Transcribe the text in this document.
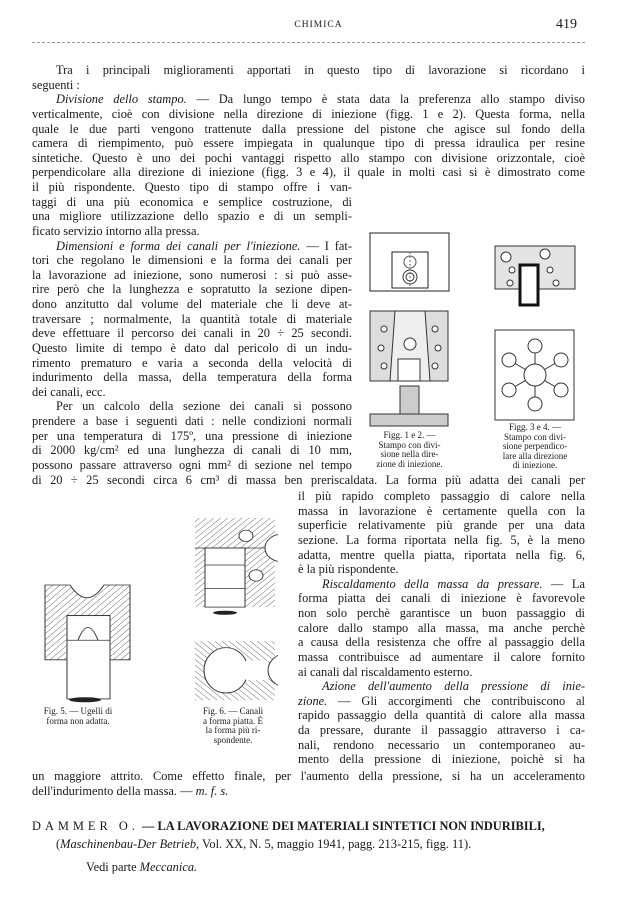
CHIMICA	419
Tra i principali miglioramenti apportati in questo tipo di lavorazione si ricordano i
seguenti :
Divisione dello stampo. — Da lungo tempo è stata data la preferenza allo stampo diviso
verticalmente, cioè con divisione nella direzione di iniezione (figg. 1 e 2). Questa forma, nella
quale le due parti vengono trattenute dalla pressione del pistone che agisce sul fondo della
camera di riempimento, può essere impiegata in qualunque tipo di pressa idraulica per resine
sintetiche. Questo è uno dei pochi vantaggi rispetto allo stampo con divisione orizzontale, cioè
perpendicolare alla direzione di iniezione (figg. 3 e 4), il quale in molti casi si è dimostrato come
il più rispondente. Questo tipo di stampo offre i van-
taggi di una più economica e semplice costruzione, di
una migliore utilizzazione dello spazio e di un sempli-
ficato servizio intorno alla pressa.
Dimensioni e forma dei canali per l'iniezione. — I fat-
tori che regolano le dimensioni e la forma dei canali per
la lavorazione ad iniezione, sono numerosi : si può asse-
rire però che la lunghezza e sopratutto la sezione dipen-
dono anzitutto dal volume del materiale che li deve at-
traversare ; normalmente, la quantità totale di materiale
deve effettuare il percorso dei canali in 20 ÷ 25 secondi.
Questo limite di tempo è dato dal pericolo di un indu-
rimento prematuro e varia a seconda della velocità di
indurimento della massa, della temperatura della forma
dei canali, ecc.
Per un calcolo della sezione dei canali si possono
prendere a base i seguenti dati : nelle condizioni normali
per una temperatura di 175º, una pressione di iniezione
di 2000 kg/cm² ed una lunghezza di canali di 10 mm,
possono passare attraverso ogni mm² di sezione nel tempo
di 20 ÷ 25 secondi circa 6 cm³ di massa ben preriscaldata. La forma più adatta dei canali per
il più rapido completo passaggio di calore nella
massa in lavorazione è certamente quella con la
superficie relativamente più grande per una data
sezione. La forma riportata nella fig. 5, è la meno
adatta, mentre quella piatta, riportata nella fig. 6,
è la più rispondente.
Riscaldamento della massa da pressare. — La
forma piatta dei canali di iniezione è favorevole
non solo perchè garantisce un buon passaggio di
calore dallo stampo alla massa, ma anche perchè
a causa della resistenza che offre al passaggio della
massa contribuisce ad aumentare il calore fornito
ai canali dal riscaldamento esterno.
Azione dell'aumento della pressione di inie-
zione. — Gli accorgimenti che contribuiscono al
rapido passaggio della quantità di calore alla massa
da pressare, durante il passaggio attraverso i ca-
nali, rendono necessario un contemporaneo au-
mento della pressione di iniezione, poichè si ha
un maggiore attrito. Come effetto finale, per l'aumento della pressione, si ha un acceleramento
dell'indurimento della massa. — m. f. s.
Figg. 1 e 2. —
Stampo con divi-
sione nella dire-
zione di iniezione.
Figg. 3 e 4. —
Stampo con divi-
sione perpendico-
lare alla direzione
di iniezione.
Fig. 5. — Ugelli di
forma non adatta.
Fig. 6. — Canali
a forma piatta. È
la forma più ri-
spondente.
DAMMER O. — LA LAVORAZIONE DEI MATERIALI SINTETICI NON INDURIBILI,
(Maschinenbau-Der Betrieb, Vol. XX, N. 5, maggio 1941, pagg. 213-215, figg. 11).
Vedi parte Meccanica.
